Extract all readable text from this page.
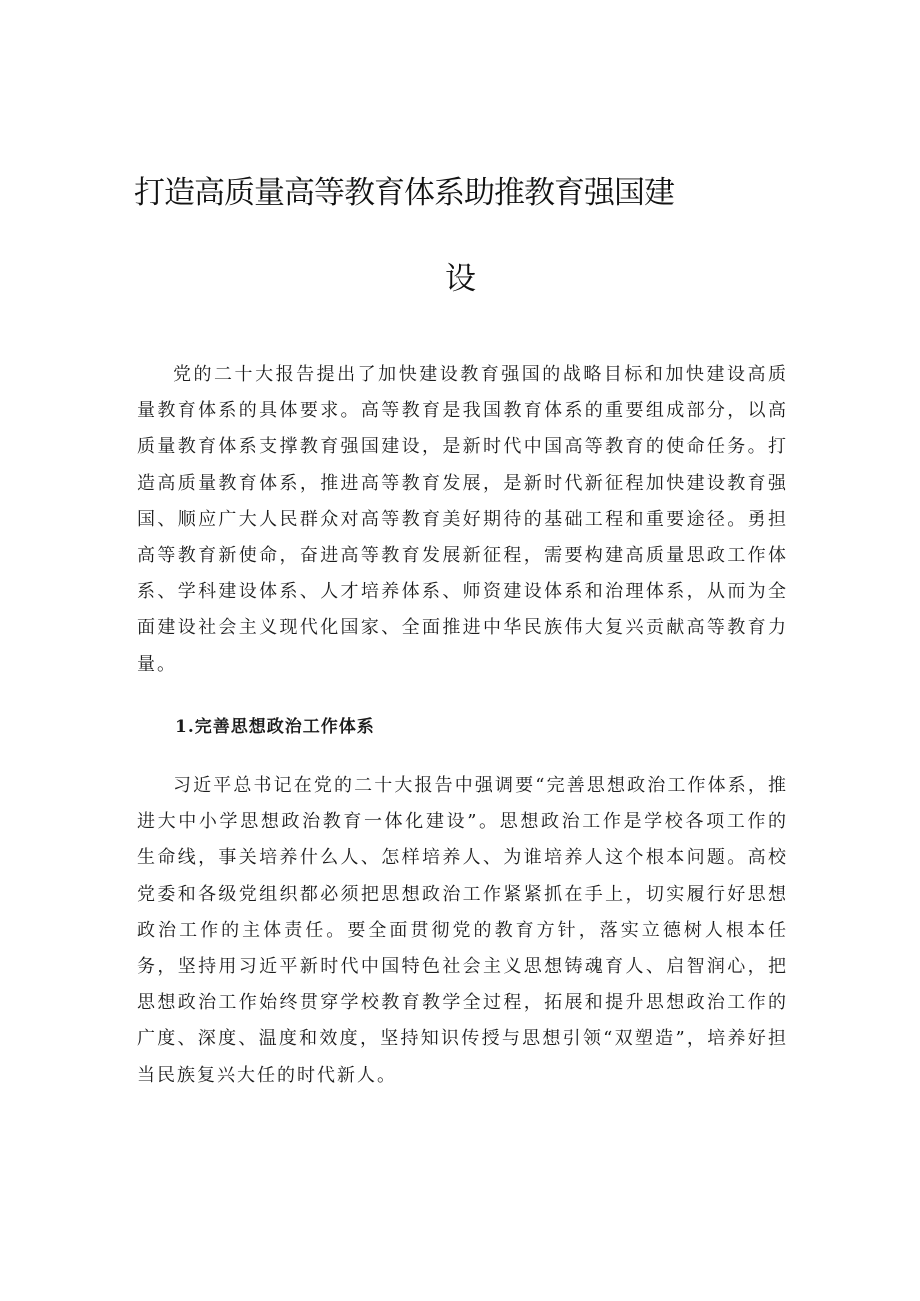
打造高质量高等教育体系助推教育强国建
设

党的二十大报告提出了加快建设教育强国的战略目标和加快建设高质量教育体系的具体要求。高等教育是我国教育体系的重要组成部分，以高质量教育体系支撑教育强国建设，是新时代中国高等教育的使命任务。打造高质量教育体系，推进高等教育发展，是新时代新征程加快建设教育强国、顺应广大人民群众对高等教育美好期待的基础工程和重要途径。勇担高等教育新使命，奋进高等教育发展新征程，需要构建高质量思政工作体系、学科建设体系、人才培养体系、师资建设体系和治理体系，从而为全面建设社会主义现代化国家、全面推进中华民族伟大复兴贡献高等教育力量。

1.完善思想政治工作体系

习近平总书记在党的二十大报告中强调要“完善思想政治工作体系，推进大中小学思想政治教育一体化建设”。思想政治工作是学校各项工作的生命线，事关培养什么人、怎样培养人、为谁培养人这个根本问题。高校党委和各级党组织都必须把思想政治工作紧紧抓在手上，切实履行好思想政治工作的主体责任。要全面贯彻党的教育方针，落实立德树人根本任务，坚持用习近平新时代中国特色社会主义思想铸魂育人、启智润心，把思想政治工作始终贯穿学校教育教学全过程，拓展和提升思想政治工作的广度、深度、温度和效度，坚持知识传授与思想引领“双塑造”，培养好担当民族复兴大任的时代新人。
